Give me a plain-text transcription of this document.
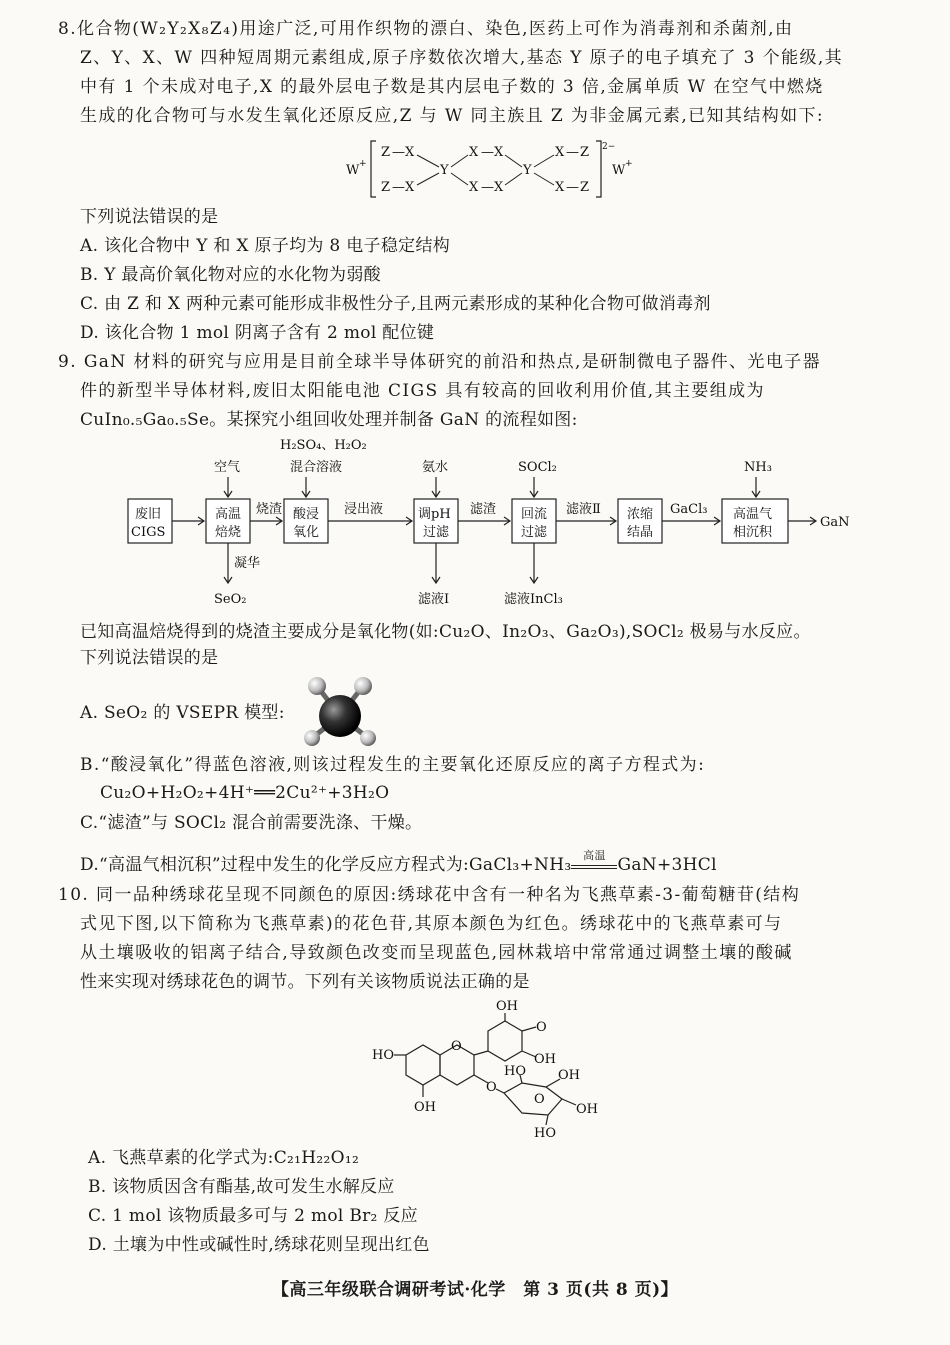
8.化合物(W₂Y₂X₈Z₄)用途广泛,可用作织物的漂白、染色,医药上可作为消毒剂和杀菌剂,由
Z、Y、X、W 四种短周期元素组成,原子序数依次增大,基态 Y 原子的电子填充了 3 个能级,其
中有 1 个未成对电子,X 的最外层电子数是其内层电子数的 3 倍,金属单质 W 在空气中燃烧
生成的化合物可与水发生氧化还原反应,Z 与 W 同主族且 Z 为非金属元素,已知其结构如下:
W +
2−
W +
Z — X
Z — X
Y
X — X
X — X
Y
X — Z
X — Z
下列说法错误的是
A. 该化合物中 Y 和 X 原子均为 8 电子稳定结构
B. Y 最高价氧化物对应的水化物为弱酸
C. 由 Z 和 X 两种元素可能形成非极性分子,且两元素形成的某种化合物可做消毒剂
D. 该化合物 1 mol 阴离子含有 2 mol 配位键
9. GaN 材料的研究与应用是目前全球半导体研究的前沿和热点,是研制微电子器件、光电子器
件的新型半导体材料,废旧太阳能电池 CIGS 具有较高的回收利用价值,其主要组成为
CuIn₀.₅Ga₀.₅Se。某探究小组回收处理并制备 GaN 的流程如图:
空气
H₂SO₄、H₂O₂
混合溶液	氨水	SOCl₂	NH₃
废旧
CIGS
高温
焙烧
酸浸
氧化
调pH
过滤
回流
过滤
浓缩
结晶
高温气
相沉积
烧渣	浸出液	滤渣	滤液Ⅱ	GaCl₃
GaN
凝华
SeO₂	滤液Ⅰ	滤液InCl₃
已知高温焙烧得到的烧渣主要成分是氧化物(如:Cu₂O、In₂O₃、Ga₂O₃),SOCl₂ 极易与水反应。
下列说法错误的是
A. SeO₂ 的 VSEPR 模型:
B.“酸浸氧化”得蓝色溶液,则该过程发生的主要氧化还原反应的离子方程式为:
Cu₂O+H₂O₂+4H⁺══2Cu²⁺+3H₂O
C.“滤渣”与 SOCl₂ 混合前需要洗涤、干燥。
D.“高温气相沉积”过程中发生的化学反应方程式为:GaCl₃+NH₃	高温 GaN+3HCl
10. 同一品种绣球花呈现不同颜色的原因:绣球花中含有一种名为飞燕草素-3-葡萄糖苷(结构
式见下图,以下简称为飞燕草素)的花色苷,其原本颜色为红色。绣球花中的飞燕草素可与
从土壤吸收的铝离子结合,导致颜色改变而呈现蓝色,园林栽培中常常通过调整土壤的酸碱
性来实现对绣球花色的调节。下列有关该物质说法正确的是
OH
O
HO
O
OH
OH
O
HO OH
O
OH
HO
A. 飞燕草素的化学式为:C₂₁H₂₂O₁₂
B. 该物质因含有酯基,故可发生水解反应
C. 1 mol 该物质最多可与 2 mol Br₂ 反应
D. 土壤为中性或碱性时,绣球花则呈现出红色
【高三年级联合调研考试·化学　第 3 页(共 8 页)】
